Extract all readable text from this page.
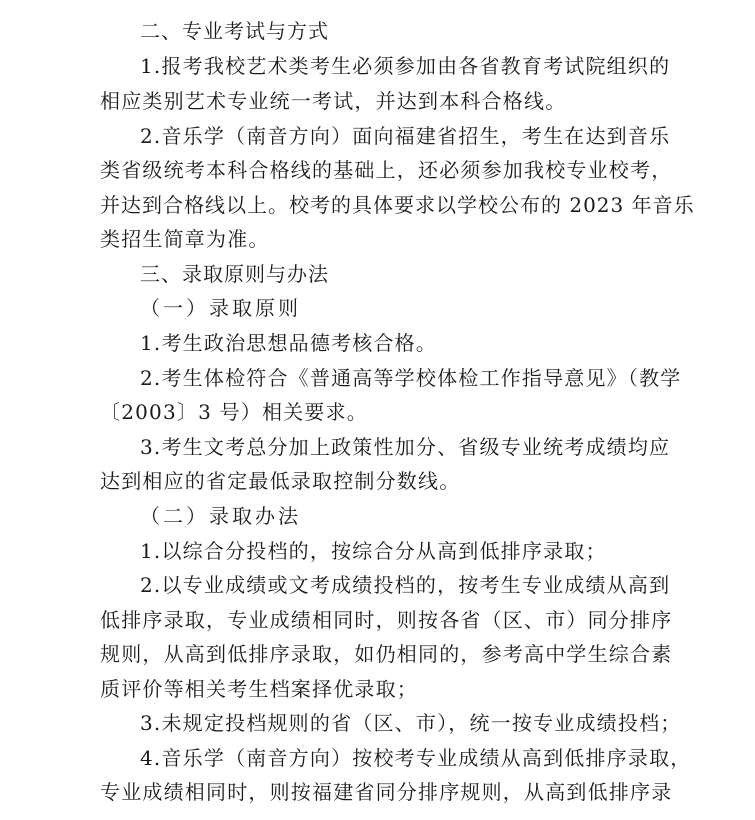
二、专业考试与方式
1.报考我校艺术类考生必须参加由各省教育考试院组织的
相应类别艺术专业统一考试，并达到本科合格线。
2.音乐学（南音方向）面向福建省招生，考生在达到音乐
类省级统考本科合格线的基础上，还必须参加我校专业校考，
并达到合格线以上。校考的具体要求以学校公布的 2023 年音乐
类招生简章为准。
三、录取原则与办法
（一）录取原则
1.考生政治思想品德考核合格。
2.考生体检符合《普通高等学校体检工作指导意见》（教学
〔2003〕3 号）相关要求。
3.考生文考总分加上政策性加分、省级专业统考成绩均应
达到相应的省定最低录取控制分数线。
（二）录取办法
1.以综合分投档的，按综合分从高到低排序录取；
2.以专业成绩或文考成绩投档的，按考生专业成绩从高到
低排序录取，专业成绩相同时，则按各省（区、市）同分排序
规则，从高到低排序录取，如仍相同的，参考高中学生综合素
质评价等相关考生档案择优录取；
3.未规定投档规则的省（区、市），统一按专业成绩投档；
4.音乐学（南音方向）按校考专业成绩从高到低排序录取，
专业成绩相同时，则按福建省同分排序规则，从高到低排序录
